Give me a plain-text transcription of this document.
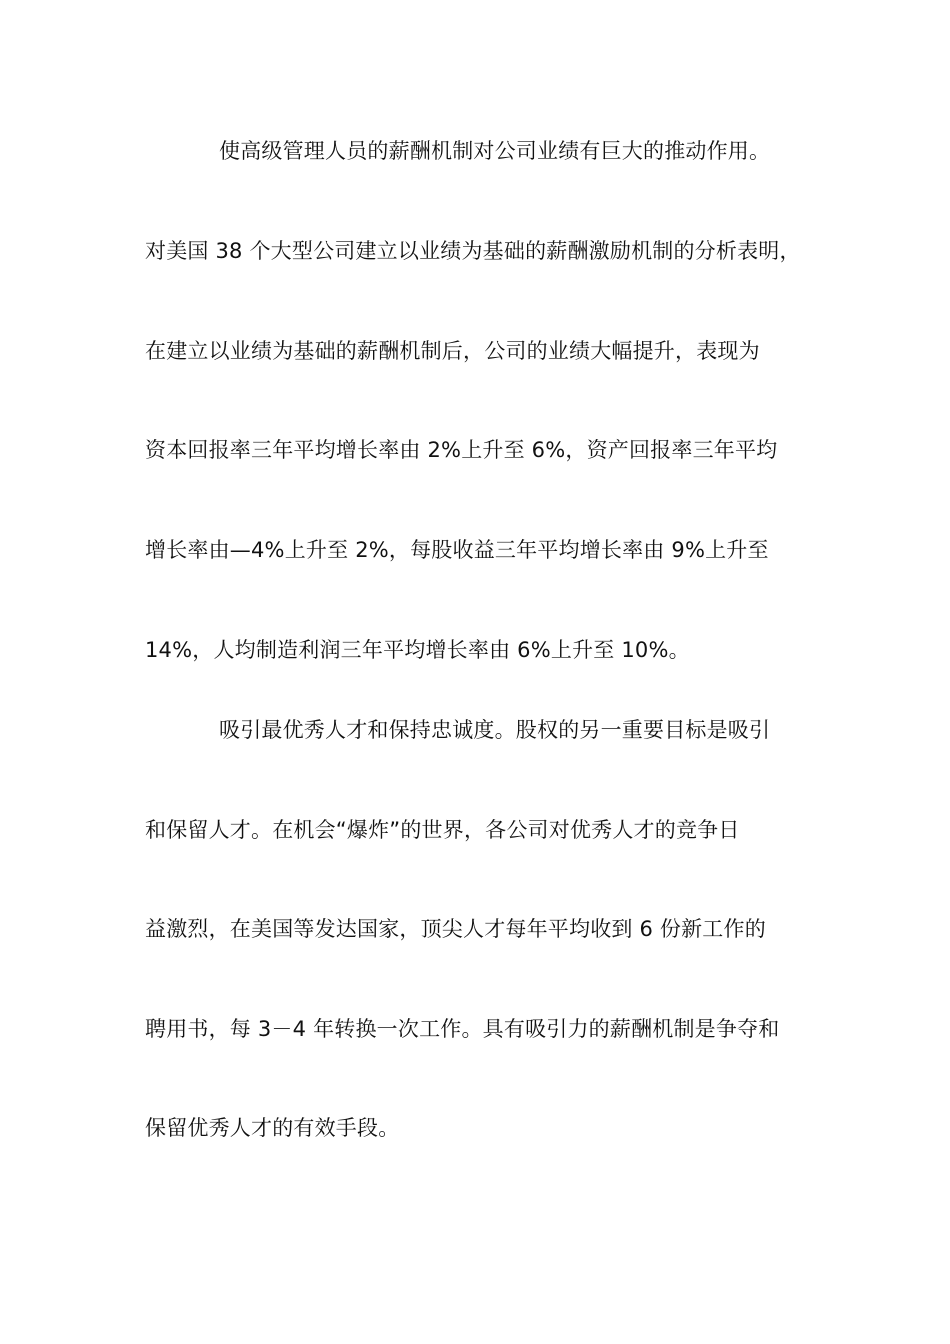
使高级管理人员的薪酬机制对公司业绩有巨大的推动作用。
对美国 38 个大型公司建立以业绩为基础的薪酬激励机制的分析表明，
在建立以业绩为基础的薪酬机制后，公司的业绩大幅提升，表现为
资本回报率三年平均增长率由 2%上升至 6%，资产回报率三年平均
增长率由—4%上升至 2%，每股收益三年平均增长率由 9%上升至
14%，人均制造利润三年平均增长率由 6%上升至 10%。
吸引最优秀人才和保持忠诚度。股权的另一重要目标是吸引
和保留人才。在机会“爆炸”的世界，各公司对优秀人才的竞争日
益激烈，在美国等发达国家，顶尖人才每年平均收到 6 份新工作的
聘用书，每 3－4 年转换一次工作。具有吸引力的薪酬机制是争夺和
保留优秀人才的有效手段。
